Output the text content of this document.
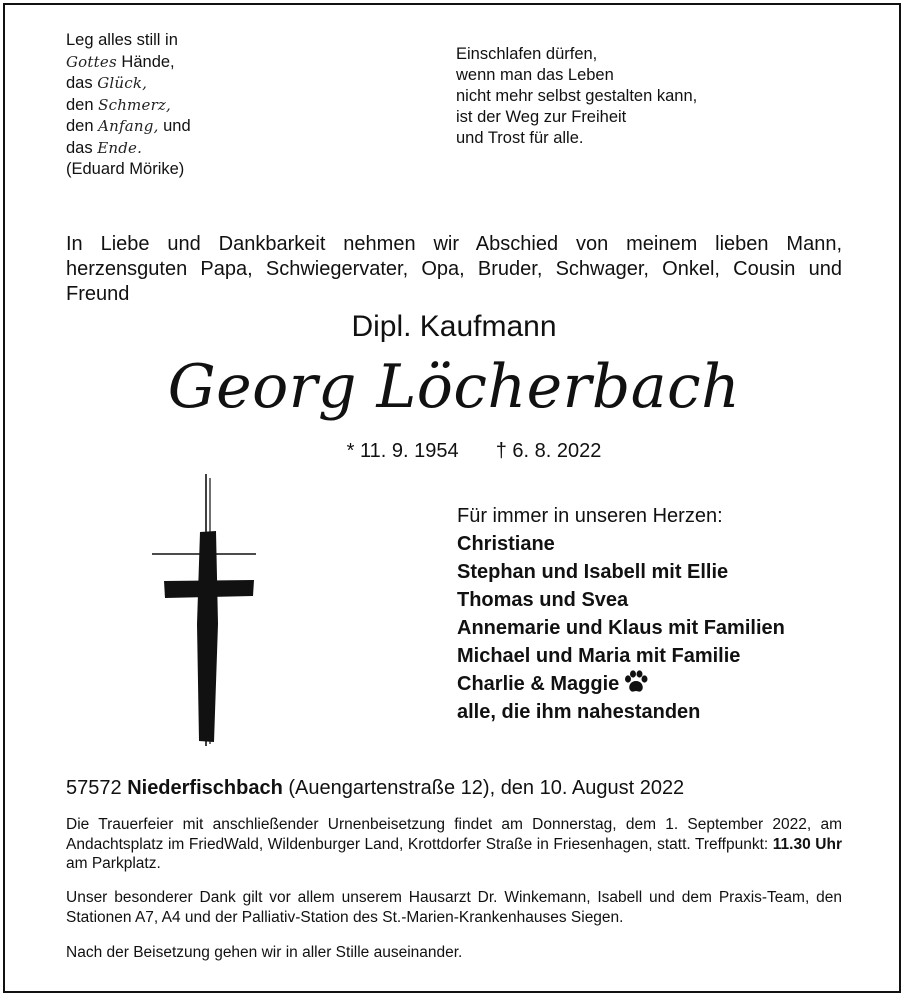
Leg alles still in
Gottes Hände,
das Glück,
den Schmerz,
den Anfang, und
das Ende.
(Eduard Mörike)
Einschlafen dürfen,
wenn man das Leben
nicht mehr selbst gestalten kann,
ist der Weg zur Freiheit
und Trost für alle.
In Liebe und Dankbarkeit nehmen wir Abschied von meinem lieben Mann, herzensguten Papa, Schwiegervater, Opa, Bruder, Schwager, Onkel, Cousin und Freund
Dipl. Kaufmann
Georg Löcherbach
* 11. 9. 1954 † 6. 8. 2022
Für immer in unseren Herzen:
Christiane
Stephan und Isabell mit Ellie
Thomas und Svea
Annemarie und Klaus mit Familien
Michael und Maria mit Familie
Charlie & Maggie
alle, die ihm nahestanden
57572 Niederfischbach (Auengartenstraße 12), den 10. August 2022
Die Trauerfeier mit anschließender Urnenbeisetzung findet am Donnerstag, dem 1. September 2022, am Andachtsplatz im FriedWald, Wildenburger Land, Krottdorfer Straße in Friesenhagen, statt. Treffpunkt: 11.30 Uhr am Parkplatz.
Unser besonderer Dank gilt vor allem unserem Hausarzt Dr. Winkemann, Isabell und dem Praxis-Team, den Stationen A7, A4 und der Palliativ-Station des St.-Marien-Krankenhauses Siegen.
Nach der Beisetzung gehen wir in aller Stille auseinander.
